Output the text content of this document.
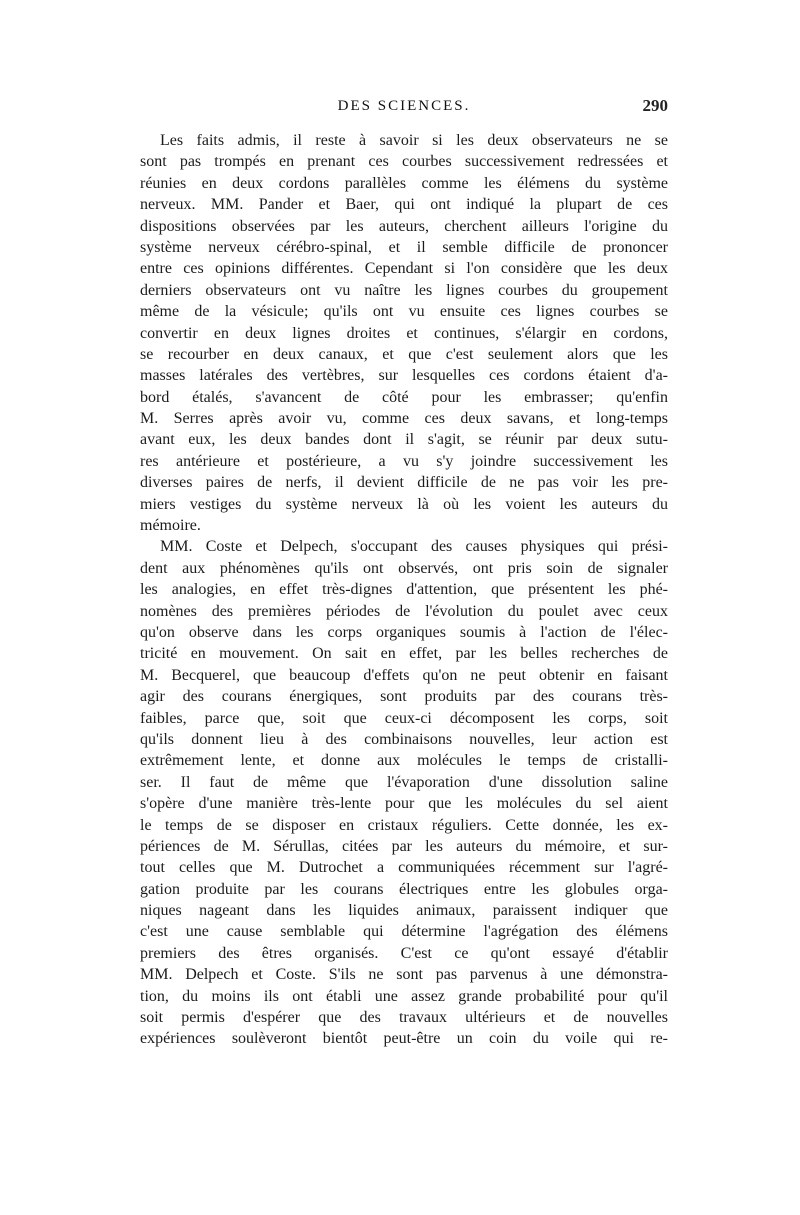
DES SCIENCES.	290
Les faits admis, il reste à savoir si les deux observateurs ne se
sont pas trompés en prenant ces courbes successivement redressées et
réunies en deux cordons parallèles comme les élémens du système
nerveux. MM. Pander et Baer, qui ont indiqué la plupart de ces
dispositions observées par les auteurs, cherchent ailleurs l'origine du
système nerveux cérébro-spinal, et il semble difficile de prononcer
entre ces opinions différentes. Cependant si l'on considère que les deux
derniers observateurs ont vu naître les lignes courbes du groupement
même de la vésicule; qu'ils ont vu ensuite ces lignes courbes se
convertir en deux lignes droites et continues, s'élargir en cordons,
se recourber en deux canaux, et que c'est seulement alors que les
masses latérales des vertèbres, sur lesquelles ces cordons étaient d'a-
bord étalés, s'avancent de côté pour les embrasser; qu'enfin
M. Serres après avoir vu, comme ces deux savans, et long-temps
avant eux, les deux bandes dont il s'agit, se réunir par deux sutu-
res antérieure et postérieure, a vu s'y joindre successivement les
diverses paires de nerfs, il devient difficile de ne pas voir les pre-
miers vestiges du système nerveux là où les voient les auteurs du
mémoire.
MM. Coste et Delpech, s'occupant des causes physiques qui prési-
dent aux phénomènes qu'ils ont observés, ont pris soin de signaler
les analogies, en effet très-dignes d'attention, que présentent les phé-
nomènes des premières périodes de l'évolution du poulet avec ceux
qu'on observe dans les corps organiques soumis à l'action de l'élec-
tricité en mouvement. On sait en effet, par les belles recherches de
M. Becquerel, que beaucoup d'effets qu'on ne peut obtenir en faisant
agir des courans énergiques, sont produits par des courans très-
faibles, parce que, soit que ceux-ci décomposent les corps, soit
qu'ils donnent lieu à des combinaisons nouvelles, leur action est
extrêmement lente, et donne aux molécules le temps de cristalli-
ser. Il faut de même que l'évaporation d'une dissolution saline
s'opère d'une manière très-lente pour que les molécules du sel aient
le temps de se disposer en cristaux réguliers. Cette donnée, les ex-
périences de M. Sérullas, citées par les auteurs du mémoire, et sur-
tout celles que M. Dutrochet a communiquées récemment sur l'agré-
gation produite par les courans électriques entre les globules orga-
niques nageant dans les liquides animaux, paraissent indiquer que
c'est une cause semblable qui détermine l'agrégation des élémens
premiers des êtres organisés. C'est ce qu'ont essayé d'établir
MM. Delpech et Coste. S'ils ne sont pas parvenus à une démonstra-
tion, du moins ils ont établi une assez grande probabilité pour qu'il
soit permis d'espérer que des travaux ultérieurs et de nouvelles
expériences soulèveront bientôt peut-être un coin du voile qui re-
